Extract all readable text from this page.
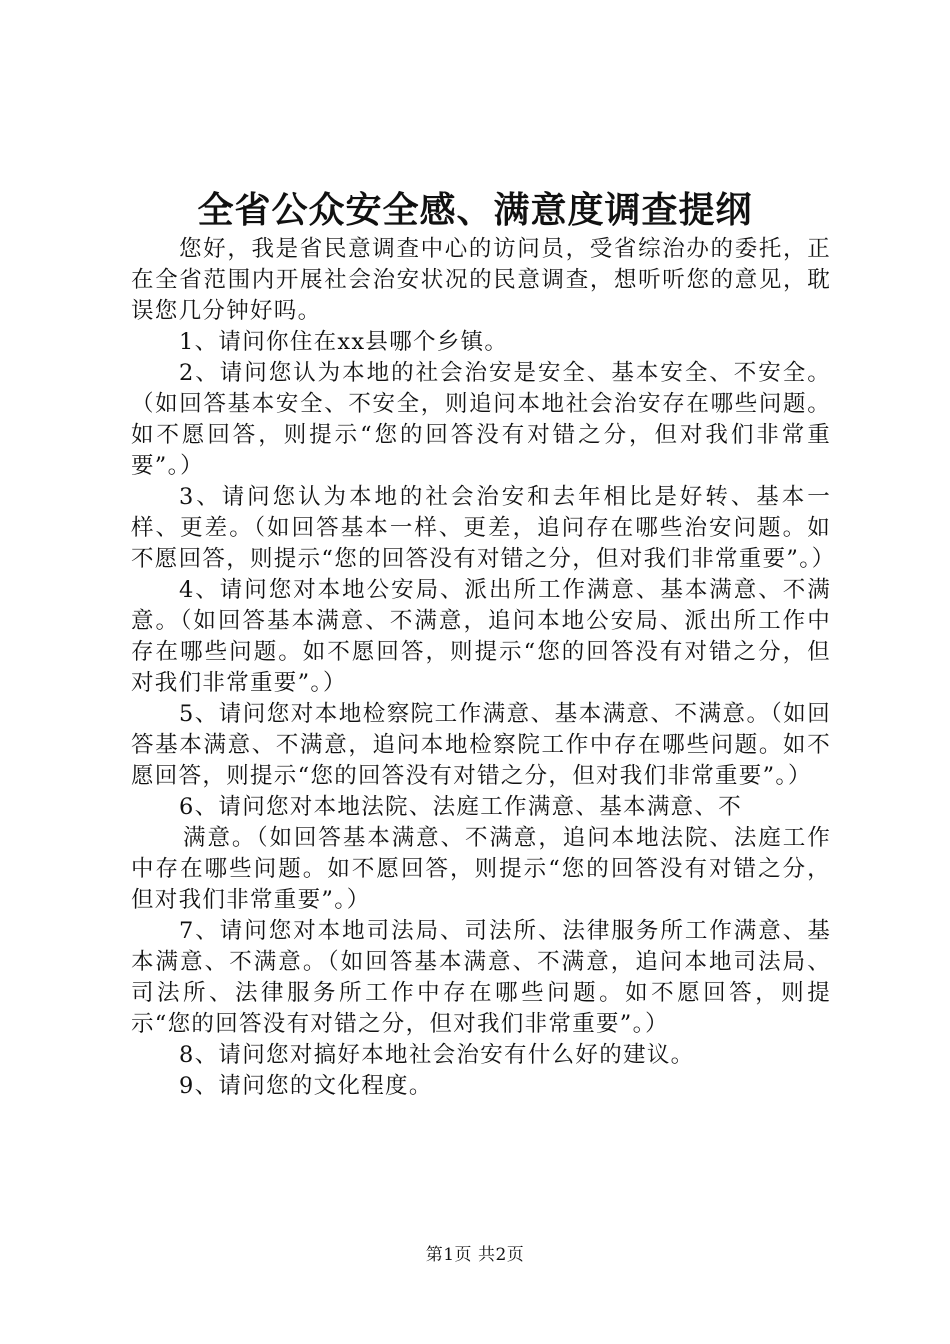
全省公众安全感、满意度调查提纲

您好，我是省民意调查中心的访问员，受省综治办的委托，正在全省范围内开展社会治安状况的民意调查，想听听您的意见，耽误您几分钟好吗。

1、请问你住在xx县哪个乡镇。

2、请问您认为本地的社会治安是安全、基本安全、不安全。（如回答基本安全、不安全，则追问本地社会治安存在哪些问题。如不愿回答，则提示“您的回答没有对错之分，但对我们非常重要”。）

3、请问您认为本地的社会治安和去年相比是好转、基本一样、更差。（如回答基本一样、更差，追问存在哪些治安问题。如不愿回答，则提示“您的回答没有对错之分，但对我们非常重要”。）

4、请问您对本地公安局、派出所工作满意、基本满意、不满意。（如回答基本满意、不满意，追问本地公安局、派出所工作中存在哪些问题。如不愿回答，则提示“您的回答没有对错之分，但对我们非常重要”。）

5、请问您对本地检察院工作满意、基本满意、不满意。（如回答基本满意、不满意，追问本地检察院工作中存在哪些问题。如不愿回答，则提示“您的回答没有对错之分，但对我们非常重要”。）

6、请问您对本地法院、法庭工作满意、基本满意、不

满意。（如回答基本满意、不满意，追问本地法院、法庭工作中存在哪些问题。如不愿回答，则提示“您的回答没有对错之分，但对我们非常重要”。）

7、请问您对本地司法局、司法所、法律服务所工作满意、基本满意、不满意。（如回答基本满意、不满意，追问本地司法局、司法所、法律服务所工作中存在哪些问题。如不愿回答，则提示“您的回答没有对错之分，但对我们非常重要”。）

8、请问您对搞好本地社会治安有什么好的建议。

9、请问您的文化程度。

第1页 共2页
